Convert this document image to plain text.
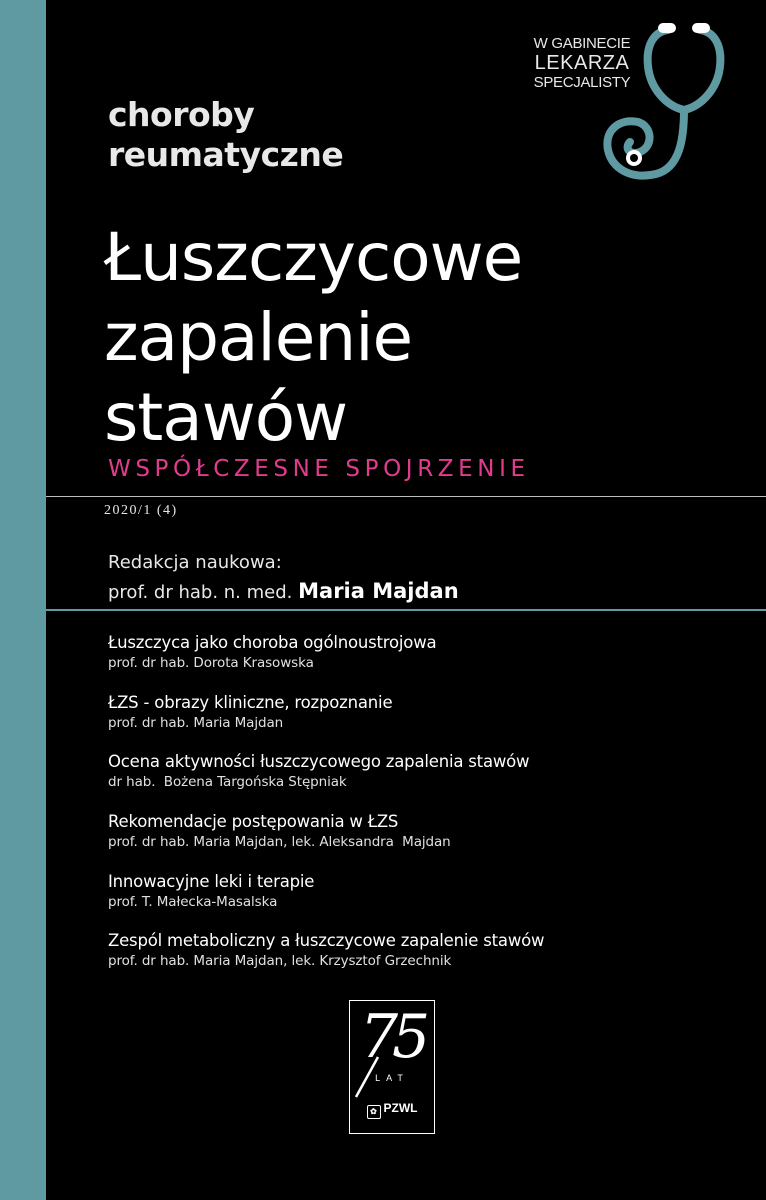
choroby
reumatyczne
W GABINECIE
LEKARZA
SPECJALISTY
Łuszczycowe
zapalenie
stawów
WSPÓŁCZESNE SPOJRZENIE
2020/1 (4)
Redakcja naukowa:
prof. dr hab. n. med. Maria Majdan
Łuszczyca jako choroba ogólnoustrojowa
prof. dr hab. Dorota Krasowska
ŁZS - obrazy kliniczne, rozpoznanie
prof. dr hab. Maria Majdan
Ocena aktywności łuszczycowego zapalenia stawów
dr hab.  Bożena Targońska Stępniak
Rekomendacje postępowania w ŁZS
prof. dr hab. Maria Majdan, lek. Aleksandra  Majdan
Innowacyjne leki i terapie
prof. T. Małecka-Masalska
Zespól metaboliczny a łuszczycowe zapalenie stawów
prof. dr hab. Maria Majdan, lek. Krzysztof Grzechnik
75
LAT
✿ PZWL
